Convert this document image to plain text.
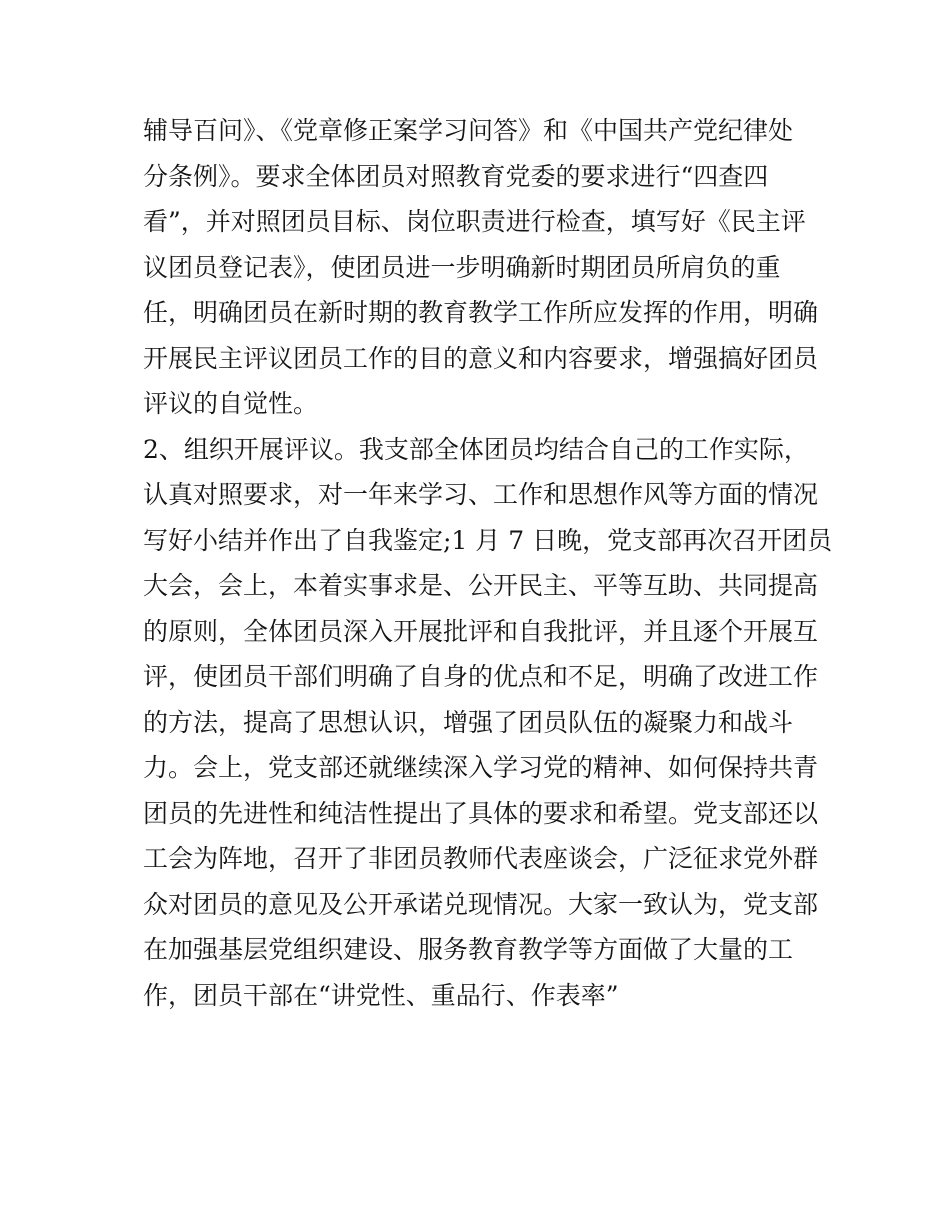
辅导百问》、《党章修正案学习问答》和《中国共产党纪律处
分条例》。要求全体团员对照教育党委的要求进行“四查四
看”，并对照团员目标、岗位职责进行检查，填写好《民主评
议团员登记表》，使团员进一步明确新时期团员所肩负的重
任，明确团员在新时期的教育教学工作所应发挥的作用，明确
开展民主评议团员工作的目的意义和内容要求，增强搞好团员
评议的自觉性。
2、组织开展评议。我支部全体团员均结合自己的工作实际，
认真对照要求，对一年来学习、工作和思想作风等方面的情况
写好小结并作出了自我鉴定;1 月 7 日晚，党支部再次召开团员
大会，会上，本着实事求是、公开民主、平等互助、共同提高
的原则，全体团员深入开展批评和自我批评，并且逐个开展互
评，使团员干部们明确了自身的优点和不足，明确了改进工作
的方法，提高了思想认识，增强了团员队伍的凝聚力和战斗
力。会上，党支部还就继续深入学习党的精神、如何保持共青
团员的先进性和纯洁性提出了具体的要求和希望。党支部还以
工会为阵地，召开了非团员教师代表座谈会，广泛征求党外群
众对团员的意见及公开承诺兑现情况。大家一致认为，党支部
在加强基层党组织建设、服务教育教学等方面做了大量的工
作，团员干部在“讲党性、重品行、作表率”
